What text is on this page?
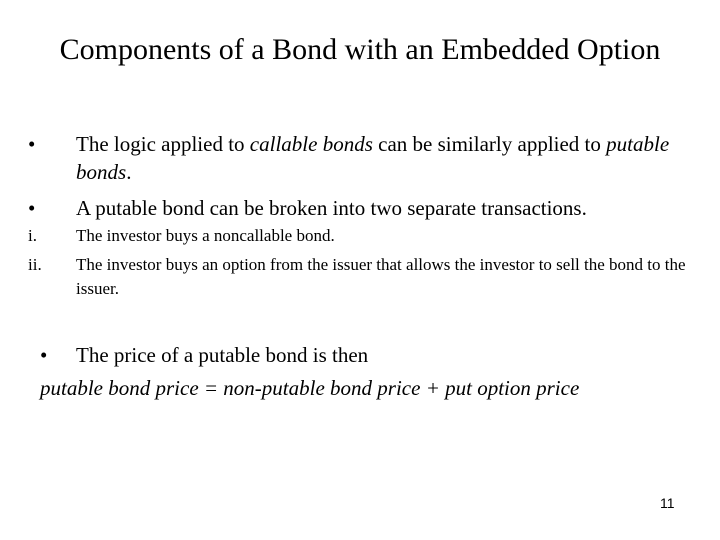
Components of a Bond with an Embedded Option
• The logic applied to callable bonds can be similarly applied to putable bonds.
• A putable bond can be broken into two separate transactions.
i. The investor buys a noncallable bond.
ii. The investor buys an option from the issuer that allows the investor to sell the bond to the issuer.
• The price of a putable bond is then
putable bond price = non-putable bond price + put option price
11
